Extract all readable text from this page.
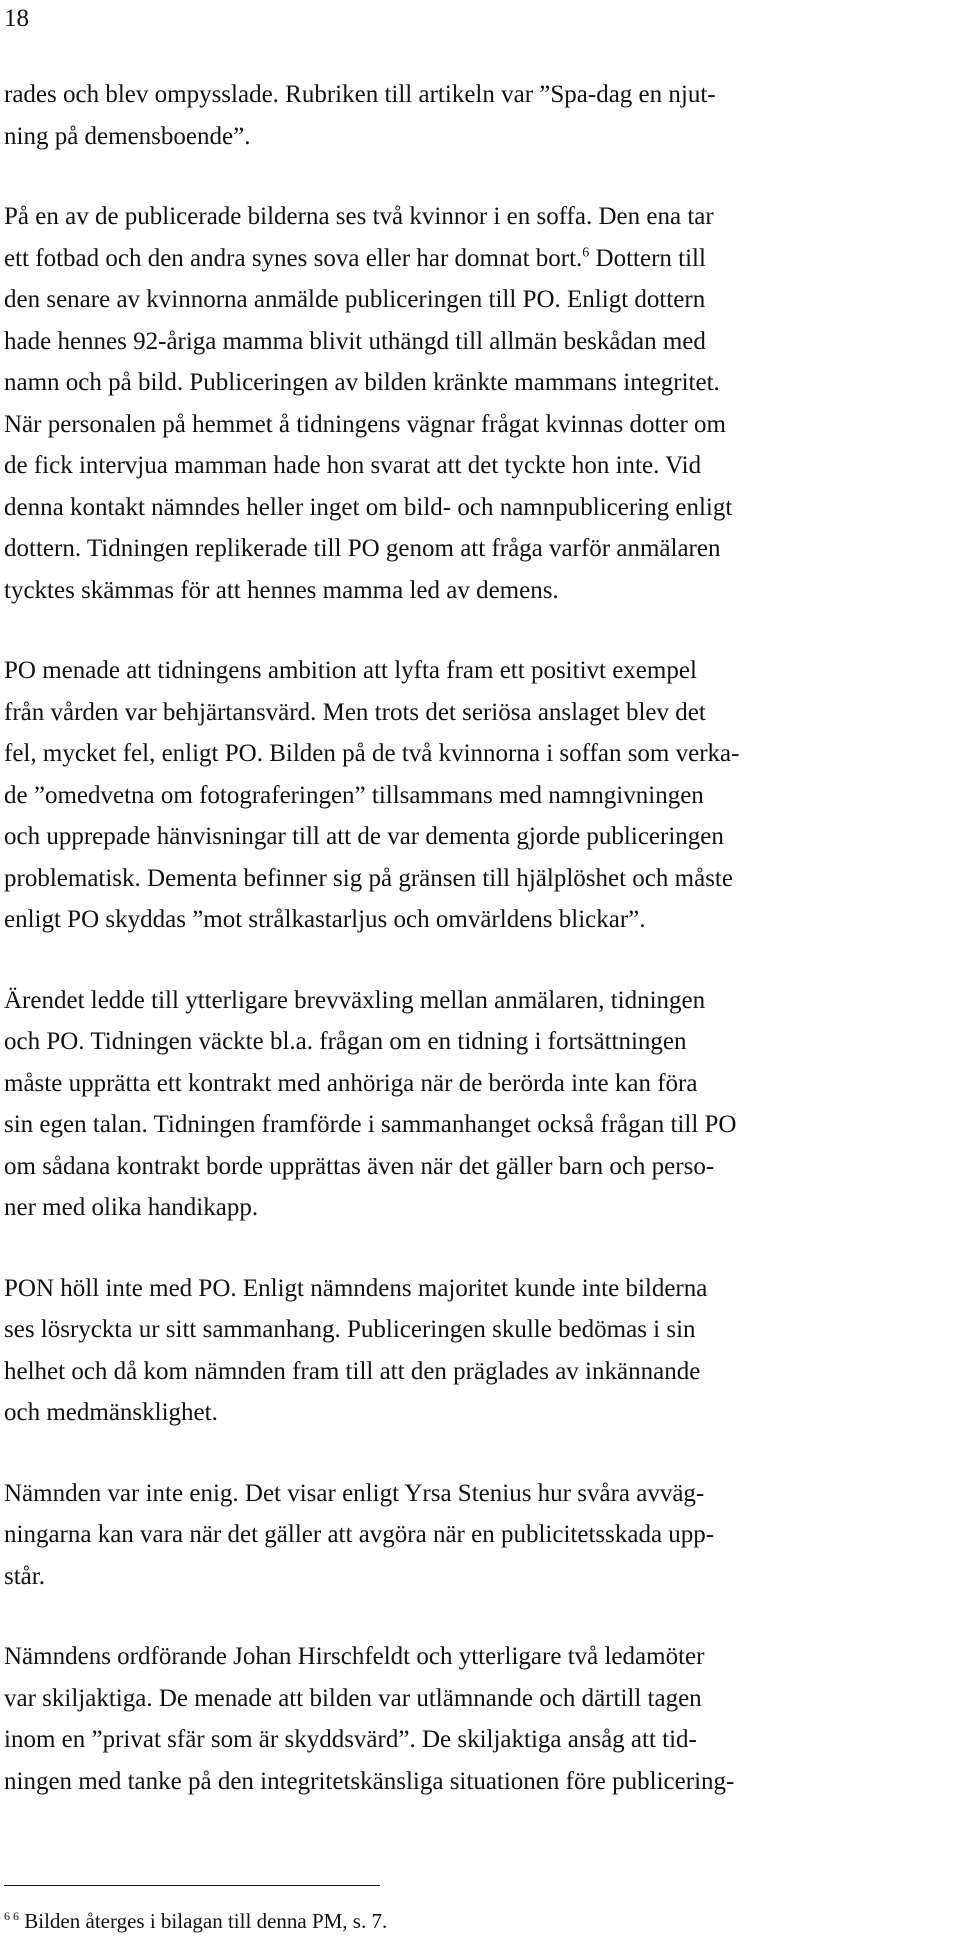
18

rades och blev ompysslade. Rubriken till artikeln var ”Spa-dag en njut-
ning på demensboende”.

På en av de publicerade bilderna ses två kvinnor i en soffa. Den ena tar
ett fotbad och den andra synes sova eller har domnat bort.$^6$ Dottern till
den senare av kvinnorna anmälde publiceringen till PO. Enligt dottern
hade hennes 92-åriga mamma blivit uthängd till allmän beskådan med
namn och på bild. Publiceringen av bilden kränkte mammans integritet.
När personalen på hemmet å tidningens vägnar frågat kvinnas dotter om
de fick intervjua mamman hade hon svarat att det tyckte hon inte. Vid
denna kontakt nämndes heller inget om bild- och namnpublicering enligt
dottern. Tidningen replikerade till PO genom att fråga varför anmälaren
tycktes skämmas för att hennes mamma led av demens.

PO menade att tidningens ambition att lyfta fram ett positivt exempel
från vården var behjärtansvärd. Men trots det seriösa anslaget blev det
fel, mycket fel, enligt PO. Bilden på de två kvinnorna i soffan som verka-
de ”omedvetna om fotograferingen” tillsammans med namngivningen
och upprepade hänvisningar till att de var dementa gjorde publiceringen
problematisk. Dementa befinner sig på gränsen till hjälplöshet och måste
enligt PO skyddas ”mot strålkastarljus och omvärldens blickar”.

Ärendet ledde till ytterligare brevväxling mellan anmälaren, tidningen
och PO. Tidningen väckte bl.a. frågan om en tidning i fortsättningen
måste upprätta ett kontrakt med anhöriga när de berörda inte kan föra
sin egen talan. Tidningen framförde i sammanhanget också frågan till PO
om sådana kontrakt borde upprättas även när det gäller barn och perso-
ner med olika handikapp.

PON höll inte med PO. Enligt nämndens majoritet kunde inte bilderna
ses lösryckta ur sitt sammanhang. Publiceringen skulle bedömas i sin
helhet och då kom nämnden fram till att den präglades av inkännande
och medmänsklighet.

Nämnden var inte enig. Det visar enligt Yrsa Stenius hur svåra avväg-
ningarna kan vara när det gäller att avgöra när en publicitetsskada upp-
står.

Nämndens ordförande Johan Hirschfeldt och ytterligare två ledamöter
var skiljaktiga. De menade att bilden var utlämnande och därtill tagen
inom en ”privat sfär som är skyddsvärd”. De skiljaktiga ansåg att tid-
ningen med tanke på den integritetskänsliga situationen före publicering-

$^{6 6}$ Bilden återges i bilagan till denna PM, s. 7.
